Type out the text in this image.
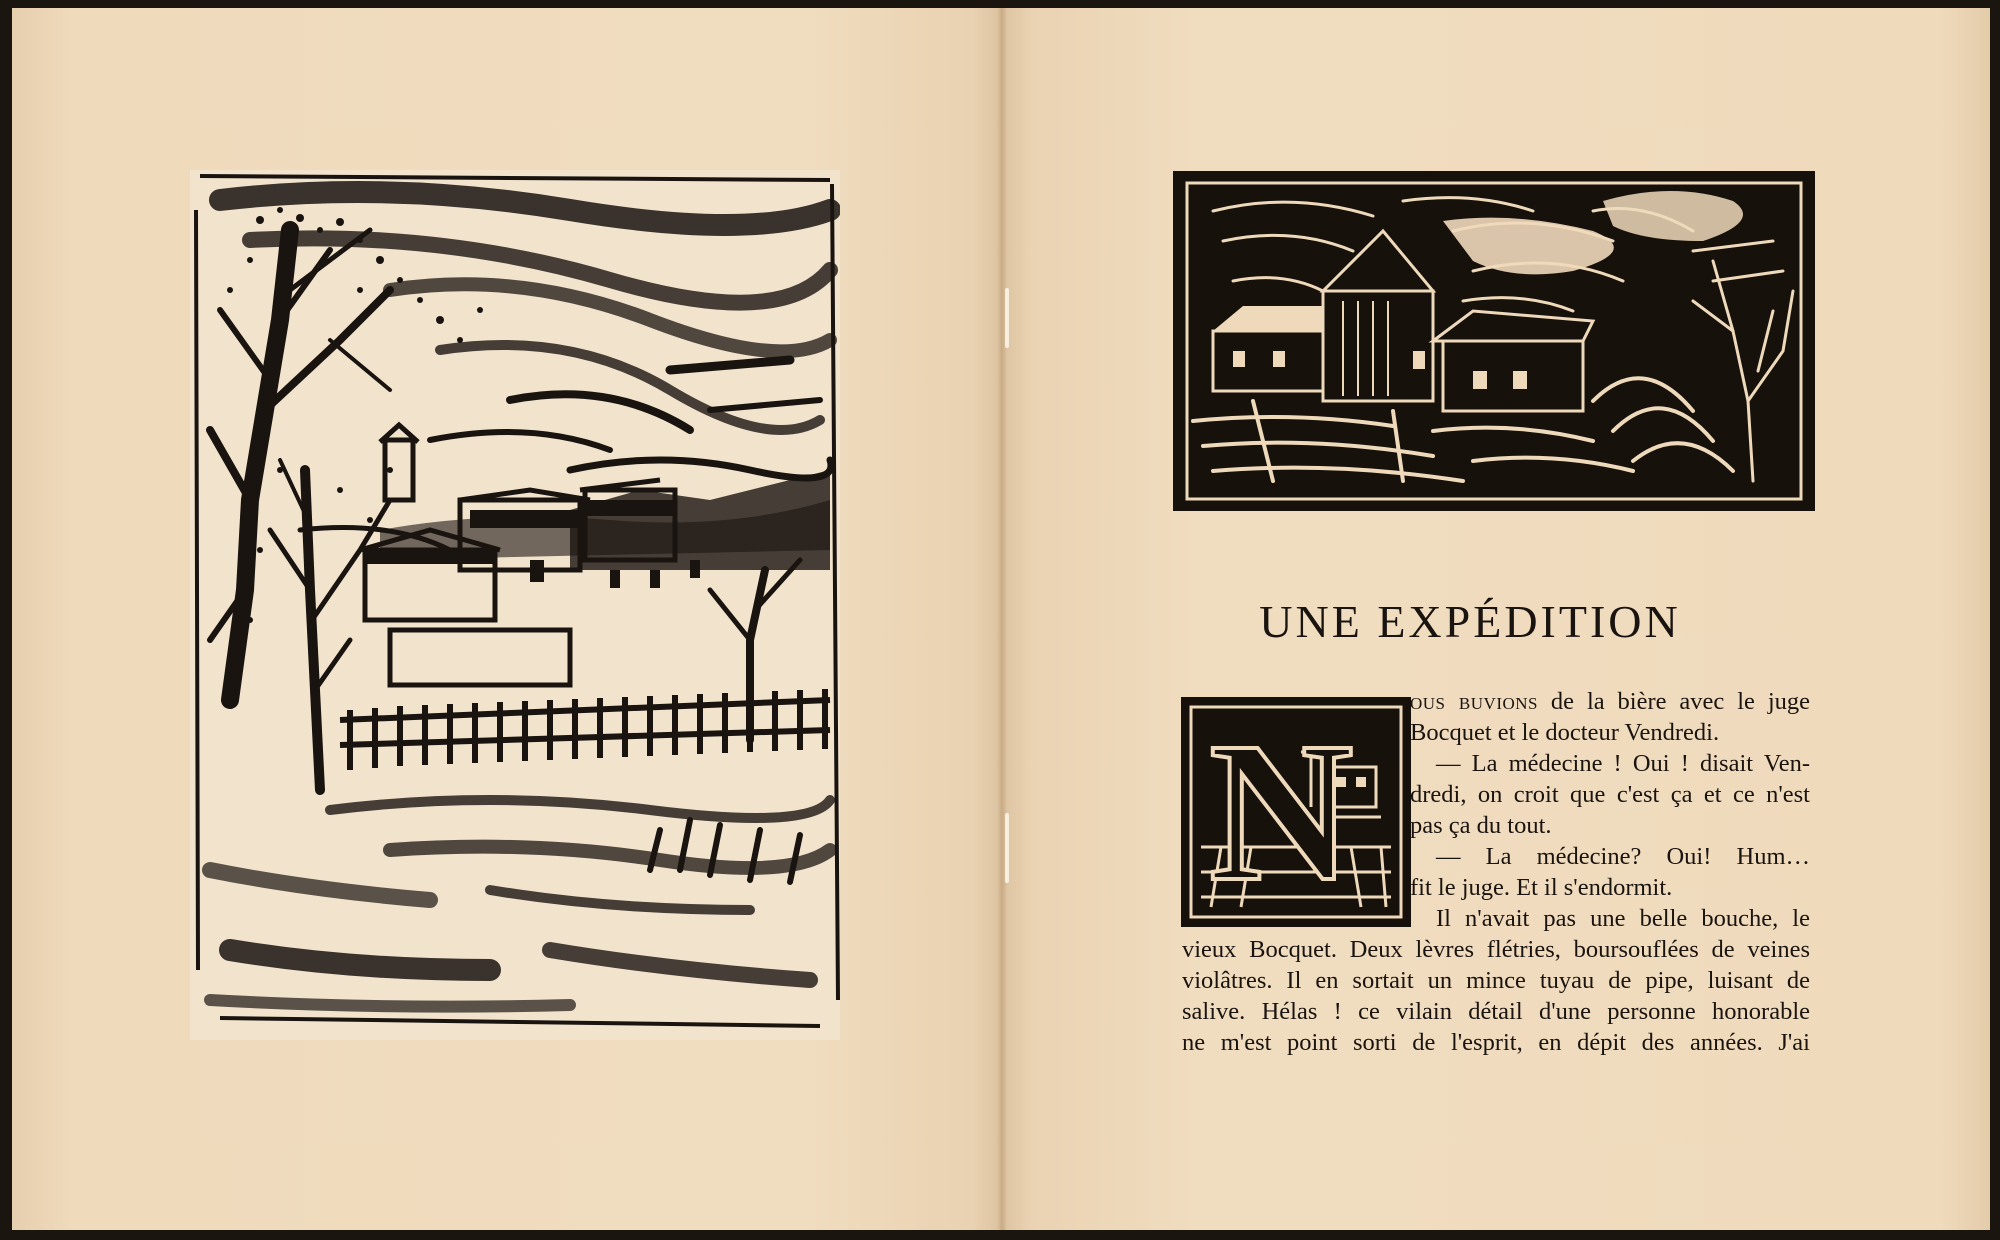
UNE EXPÉDITION
N
ous buvions de la bière avec le juge
Bocquet et le docteur Vendredi.
— La médecine ! Oui ! disait Ven-
dredi, on croit que c'est ça et ce n'est
pas ça du tout.
— La médecine? Oui! Hum…
fit le juge. Et il s'endormit.
Il n'avait pas une belle bouche, le
vieux Bocquet. Deux lèvres flétries, boursouflées de veines
violâtres. Il en sortait un mince tuyau de pipe, luisant de
salive. Hélas ! ce vilain détail d'une personne honorable
ne m'est point sorti de l'esprit, en dépit des années. J'ai
